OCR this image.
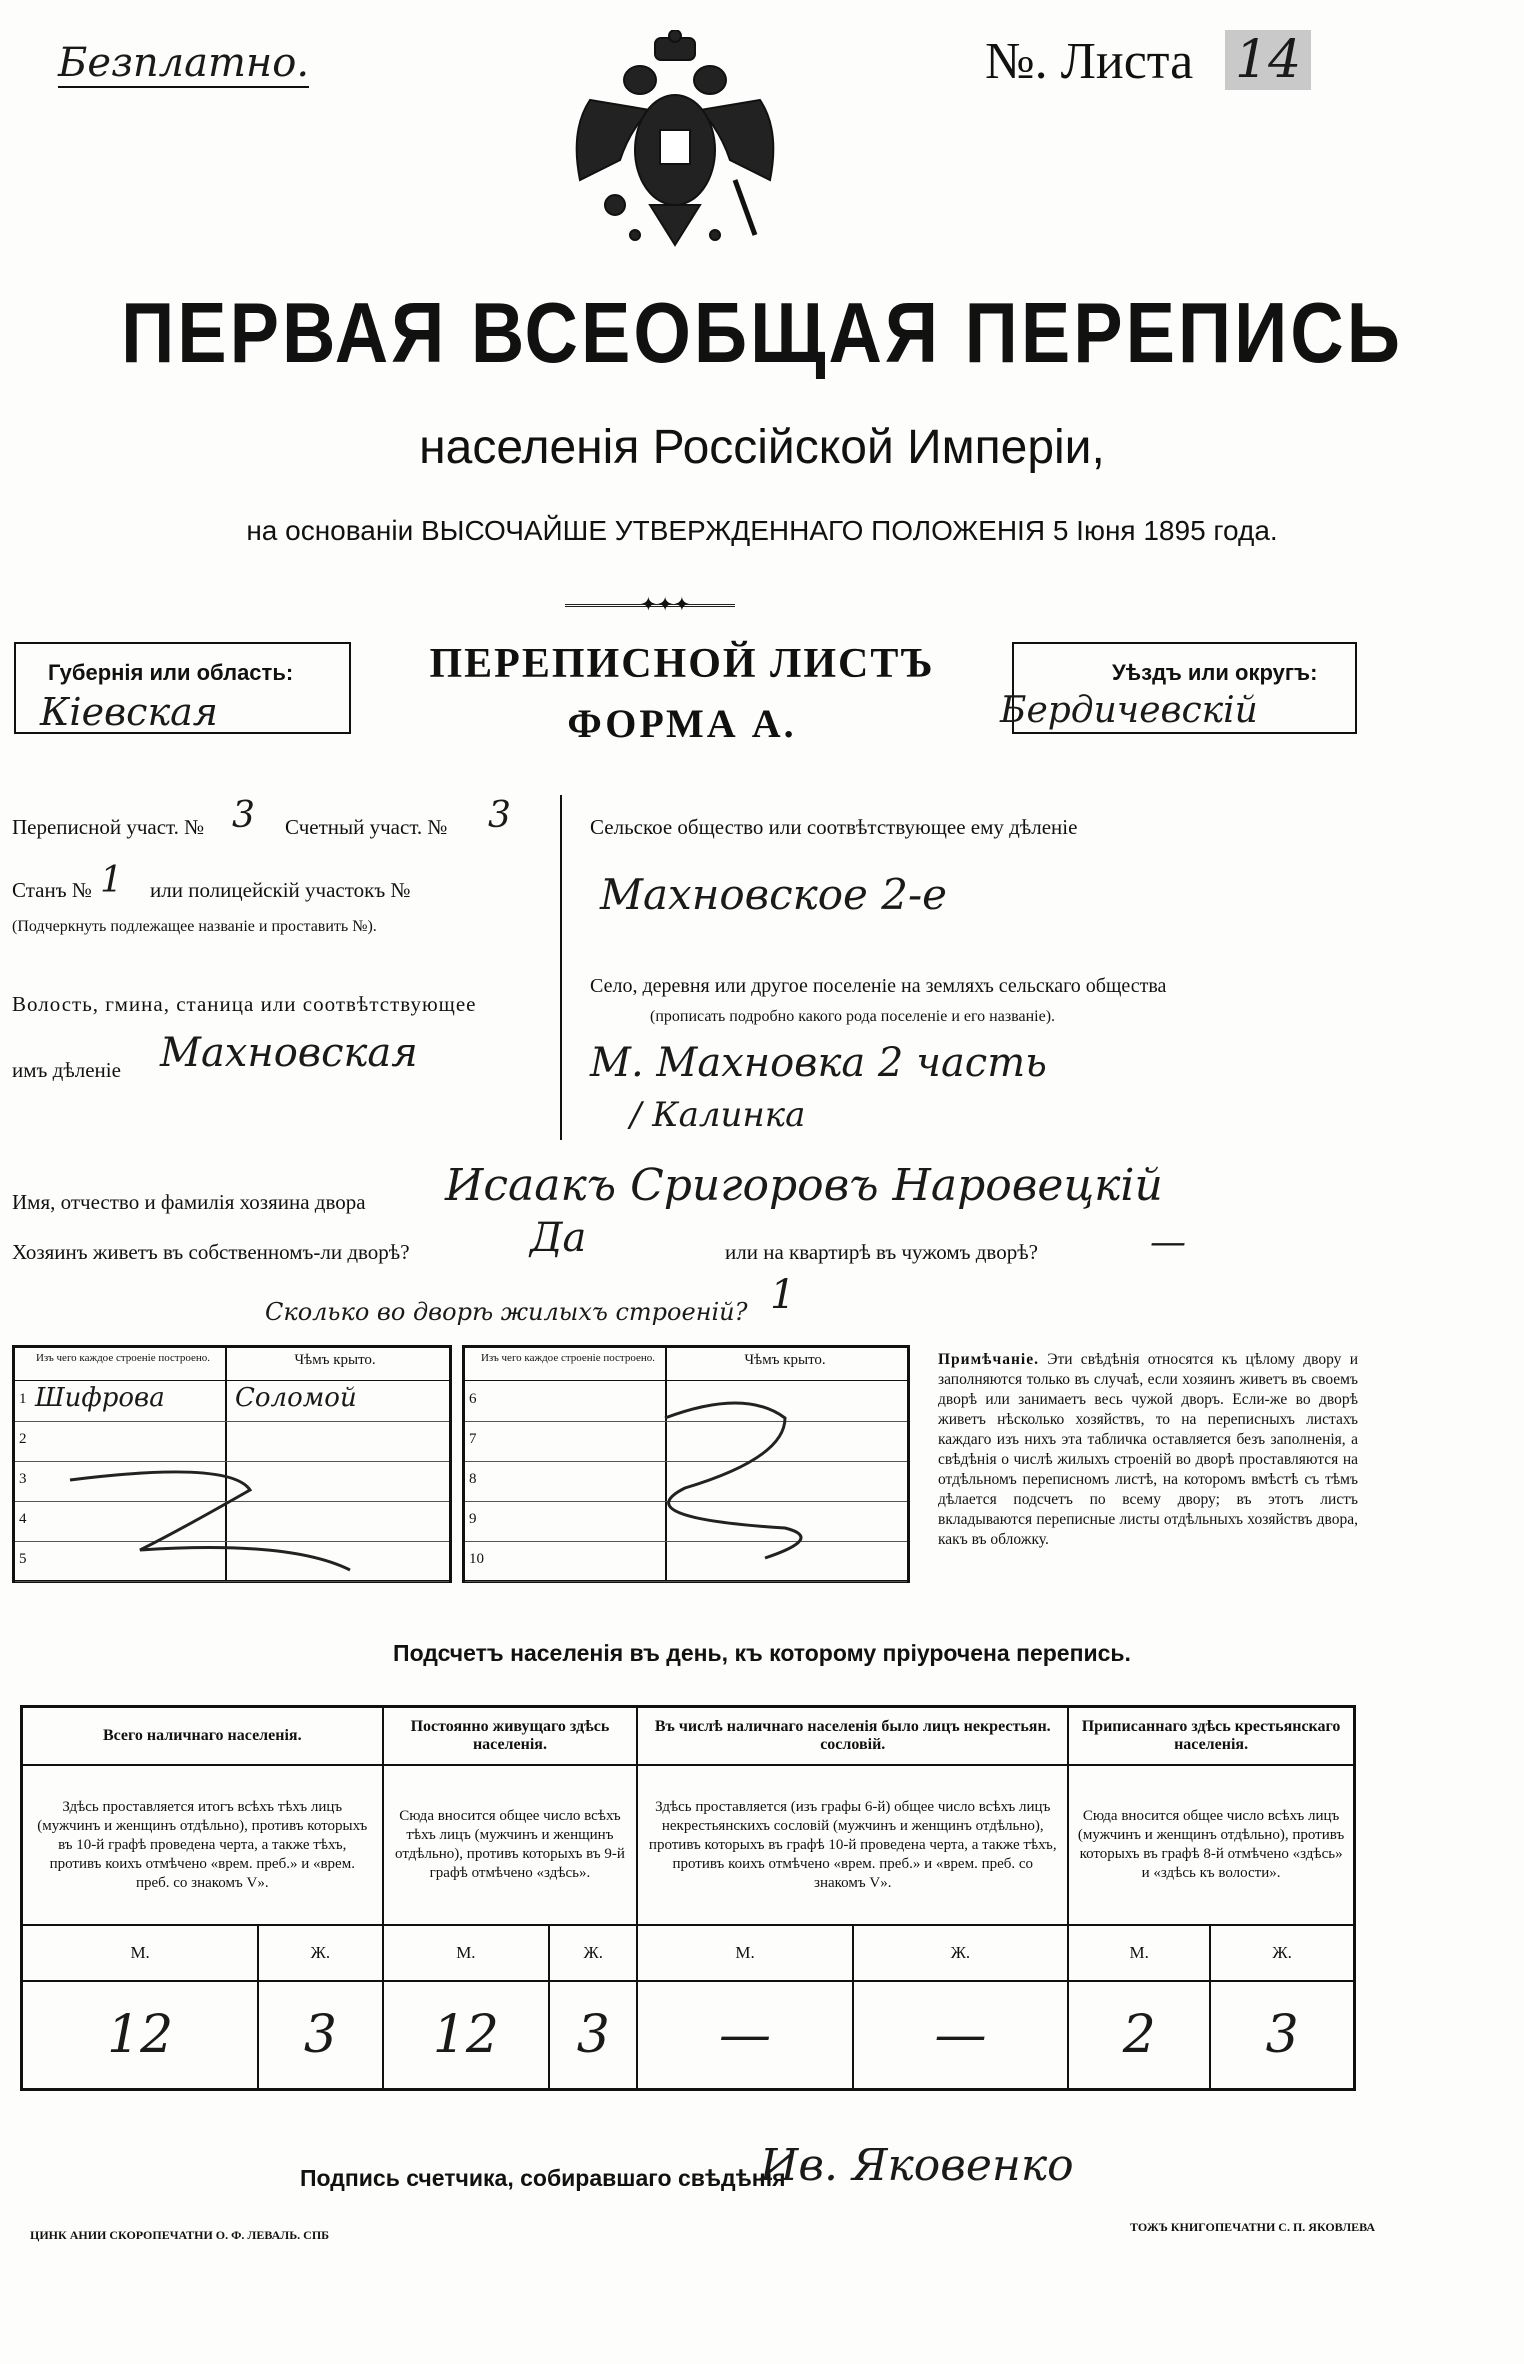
Безплатно.	№. Листа 14
ПЕРВАЯ ВСЕОБЩАЯ ПЕРЕПИСЬ
населенія Россійской Имперіи,
на основаніи ВЫСОЧАЙШЕ УТВЕРЖДЕННАГО ПОЛОЖЕНІЯ 5 Іюня 1895 года.
✦✦✦
Губернія или область:
Кіевская
ПЕРЕПИСНОЙ ЛИСТЪ
ФОРМА А.
Уѣздъ или округъ:
Бердичевскій
Переписной участ. № 3 Счетный участ. № 3
Станъ № 1 или полицейскій участокъ №
(Подчеркнуть подлежащее названіе и проставить №).
Волость, гмина, станица или соотвѣтствующее
имъ дѣленіе Махновская
Сельское общество или соотвѣтствующее ему дѣленіе
Махновское 2-е
Село, деревня или другое поселеніе на земляхъ сельскаго общества
(прописать подробно какого рода поселеніе и его названіе).
М. Махновка 2 часть
/ Калинка
Имя, отчество и фамилія хозяина двора Исаакъ Сригоровъ Наровецкій
Хозяинъ живетъ въ собственномъ-ли дворѣ?	Да	или на квартирѣ въ чужомъ дворѣ?	—
Сколько во дворѣ жилыхъ строеній? 1
Изъ чего каждое строеніе построено.	Чѣмъ крыто.
1 Шифрова	Соломой
2
3
4
5
Изъ чего каждое строеніе построено.	Чѣмъ крыто.
6
7
8
9
10
Примѣчаніе. Эти свѣдѣнія относятся къ цѣлому двору и заполняются только въ случаѣ, если хозяинъ живетъ въ своемъ дворѣ или занимаетъ весь чужой дворъ. Если-же во дворѣ живетъ нѣсколько хозяйствъ, то на переписныхъ листахъ каждаго изъ нихъ эта табличка оставляется безъ заполненія, а свѣдѣнія о числѣ жилыхъ строеній во дворѣ проставляются на отдѣльномъ переписномъ листѣ, на которомъ вмѣстѣ съ тѣмъ дѣлается подсчетъ по всему двору; въ этотъ листъ вкладываются переписные листы отдѣльныхъ хозяйствъ двора, какъ въ обложку.
Подсчетъ населенія въ день, къ которому пріурочена перепись.
Всего наличнаго населенія.		Постоянно живущаго здѣсь населенія.		Въ числѣ наличнаго населенія было лицъ некрестьян. сословій.		Приписаннаго здѣсь крестьянскаго населенія.	
Здѣсь проставляется итогъ всѣхъ тѣхъ лицъ (мужчинъ и женщинъ отдѣльно), противъ которыхъ въ 10-й графѣ проведена черта, а также тѣхъ, противъ коихъ отмѣчено «врем. преб.» и «врем. преб. со знакомъ V».		Сюда вносится общее число всѣхъ тѣхъ лицъ (мужчинъ и женщинъ отдѣльно), противъ которыхъ въ 9-й графѣ отмѣчено «здѣсь».		Здѣсь проставляется (изъ графы 6-й) общее число всѣхъ лицъ некрестьянскихъ сословій (мужчинъ и женщинъ отдѣльно), противъ которыхъ въ графѣ 10-й проведена черта, а также тѣхъ, противъ коихъ отмѣчено «врем. преб.» и «врем. преб. со знакомъ V».		Сюда вносится общее число всѣхъ лицъ (мужчинъ и женщинъ отдѣльно), противъ которыхъ въ графѣ 8-й отмѣчено «здѣсь» и «здѣсь къ волости».	
М.	Ж.	М.	Ж.	М.	Ж.	М.	Ж.
12	3	12	3	—	—	2	3
Подпись счетчика, собиравшаго свѣдѣнія
Ив. Яковенко
ЦИНК АНИИ СКОРОПЕЧАТНИ О. Ф. ЛЕВАЛЬ. СПБ
ТОЖЪ КНИГОПЕЧАТНИ С. П. ЯКОВЛЕВА
